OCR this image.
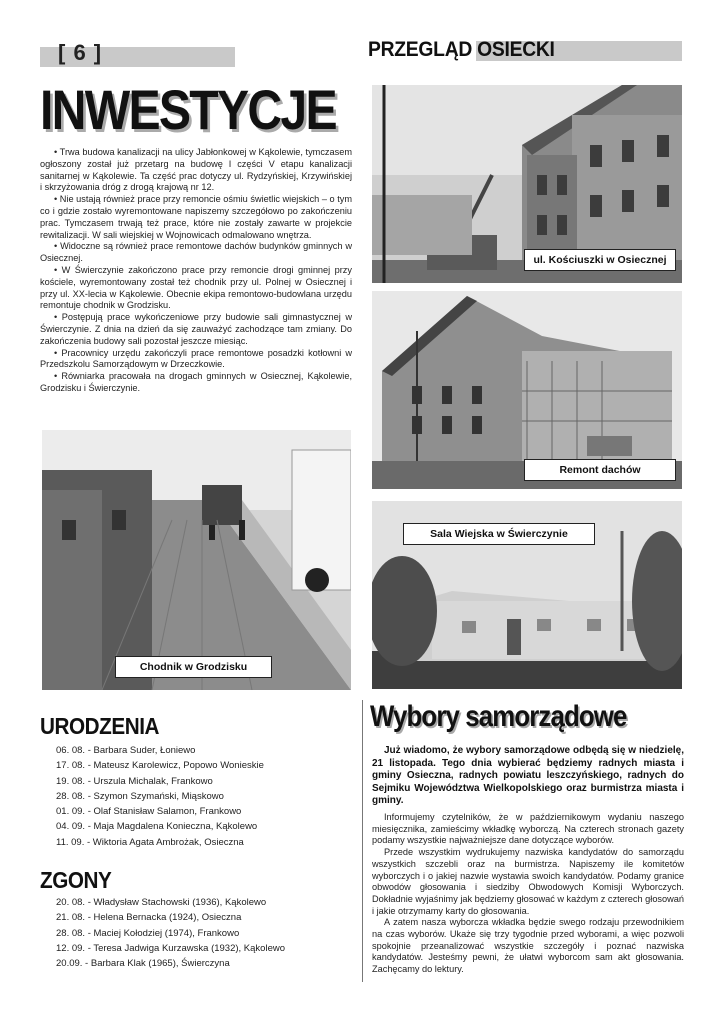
[ 6 ]	PRZEGLĄD OSIECKI
INWESTYCJE

• Trwa budowa kanalizacji na ulicy Jabłonkowej w Kąkolewie, tymczasem ogłoszony został już przetarg na budowę I części V etapu kanalizacji sanitarnej w Kąkolewie. Ta część prac dotyczy ul. Rydzyńskiej, Krzywińskiej i skrzyżowania dróg z drogą krajową nr 12.

• Nie ustają również prace przy remoncie ośmiu świetlic wiejskich – o tym co i gdzie zostało wyremontowane napiszemy szczegółowo po zakończeniu prac. Tymczasem trwają też prace, które nie zostały zawarte w projekcie rewitalizacji. W sali wiejskiej w Wojnowicach odmalowano wnętrza.

• Widoczne są również prace remontowe dachów budynków gminnych w Osiecznej.

• W Świerczynie zakończono prace przy remoncie drogi gminnej przy kościele, wyremontowany został też chodnik przy ul. Polnej w Osiecznej i przy ul. XX-lecia w Kąkolewie. Obecnie ekipa remontowo-budowlana urzędu remontuje chodnik w Grodzisku.

• Postępują prace wykończeniowe przy budowie sali gimnastycznej w Świerczynie. Z dnia na dzień da się zauważyć zachodzące tam zmiany. Do zakończenia budowy sali pozostał jeszcze miesiąc.

• Pracownicy urzędu zakończyli prace remontowe posadzki kotłowni w Przedszkolu Samorządowym w Drzeczkowie.

• Równiarka pracowała na drogach gminnych w Osiecznej, Kąkolewie, Grodzisku i Świerczynie.

ul. Kościuszki w Osiecznej
Remont dachów
Sala Wiejska w Świerczynie
Chodnik w Grodzisku
URODZENIA
06. 08. - Barbara Suder, Łoniewo
17. 08. - Mateusz Karolewicz, Popowo Wonieskie
19. 08. - Urszula Michalak, Frankowo
28. 08. - Szymon Szymański, Miąskowo
01. 09. - Olaf Stanisław Salamon, Frankowo
04. 09. - Maja Magdalena Konieczna, Kąkolewo
11. 09. - Wiktoria Agata Ambrożak, Osieczna
ZGONY
20. 08. - Władysław Stachowski (1936), Kąkolewo
21. 08. - Helena Bernacka (1924), Osieczna
28. 08. - Maciej Kołodziej (1974), Frankowo
12. 09. - Teresa Jadwiga Kurzawska (1932), Kąkolewo
20.09. - Barbara Klak (1965), Świerczyna
Wybory samorządowe

Już wiadomo, że wybory samorządowe odbędą się w niedzielę, 21 listopada. Tego dnia wybierać będziemy radnych miasta i gminy Osieczna, radnych powiatu leszczyńskiego, radnych do Sejmiku Województwa Wielkopolskiego oraz burmistrza miasta i gminy.

Informujemy czytelników, że w październikowym wydaniu naszego miesięcznika, zamieścimy wkładkę wyborczą. Na czterech stronach gazety podamy wszystkie najważniejsze dane dotyczące wyborów.

Przede wszystkim wydrukujemy nazwiska kandydatów do samorządu wszystkich szczebli oraz na burmistrza. Napiszemy ile komitetów wyborczych i o jakiej nazwie wystawia swoich kandydatów. Podamy granice obwodów głosowania i siedziby Obwodowych Komisji Wyborczych. Dokładnie wyjaśnimy jak będziemy głosować w każdym z czterech głosowań i jakie otrzymamy karty do głosowania.

A zatem nasza wyborcza wkładka będzie swego rodzaju przewodnikiem na czas wyborów. Ukaże się trzy tygodnie przed wyborami, a więc pozwoli spokojnie przeanalizować wszystkie szczegóły i poznać nazwiska kandydatów. Jesteśmy pewni, że ułatwi wyborcom sam akt głosowania. Zachęcamy do lektury.
